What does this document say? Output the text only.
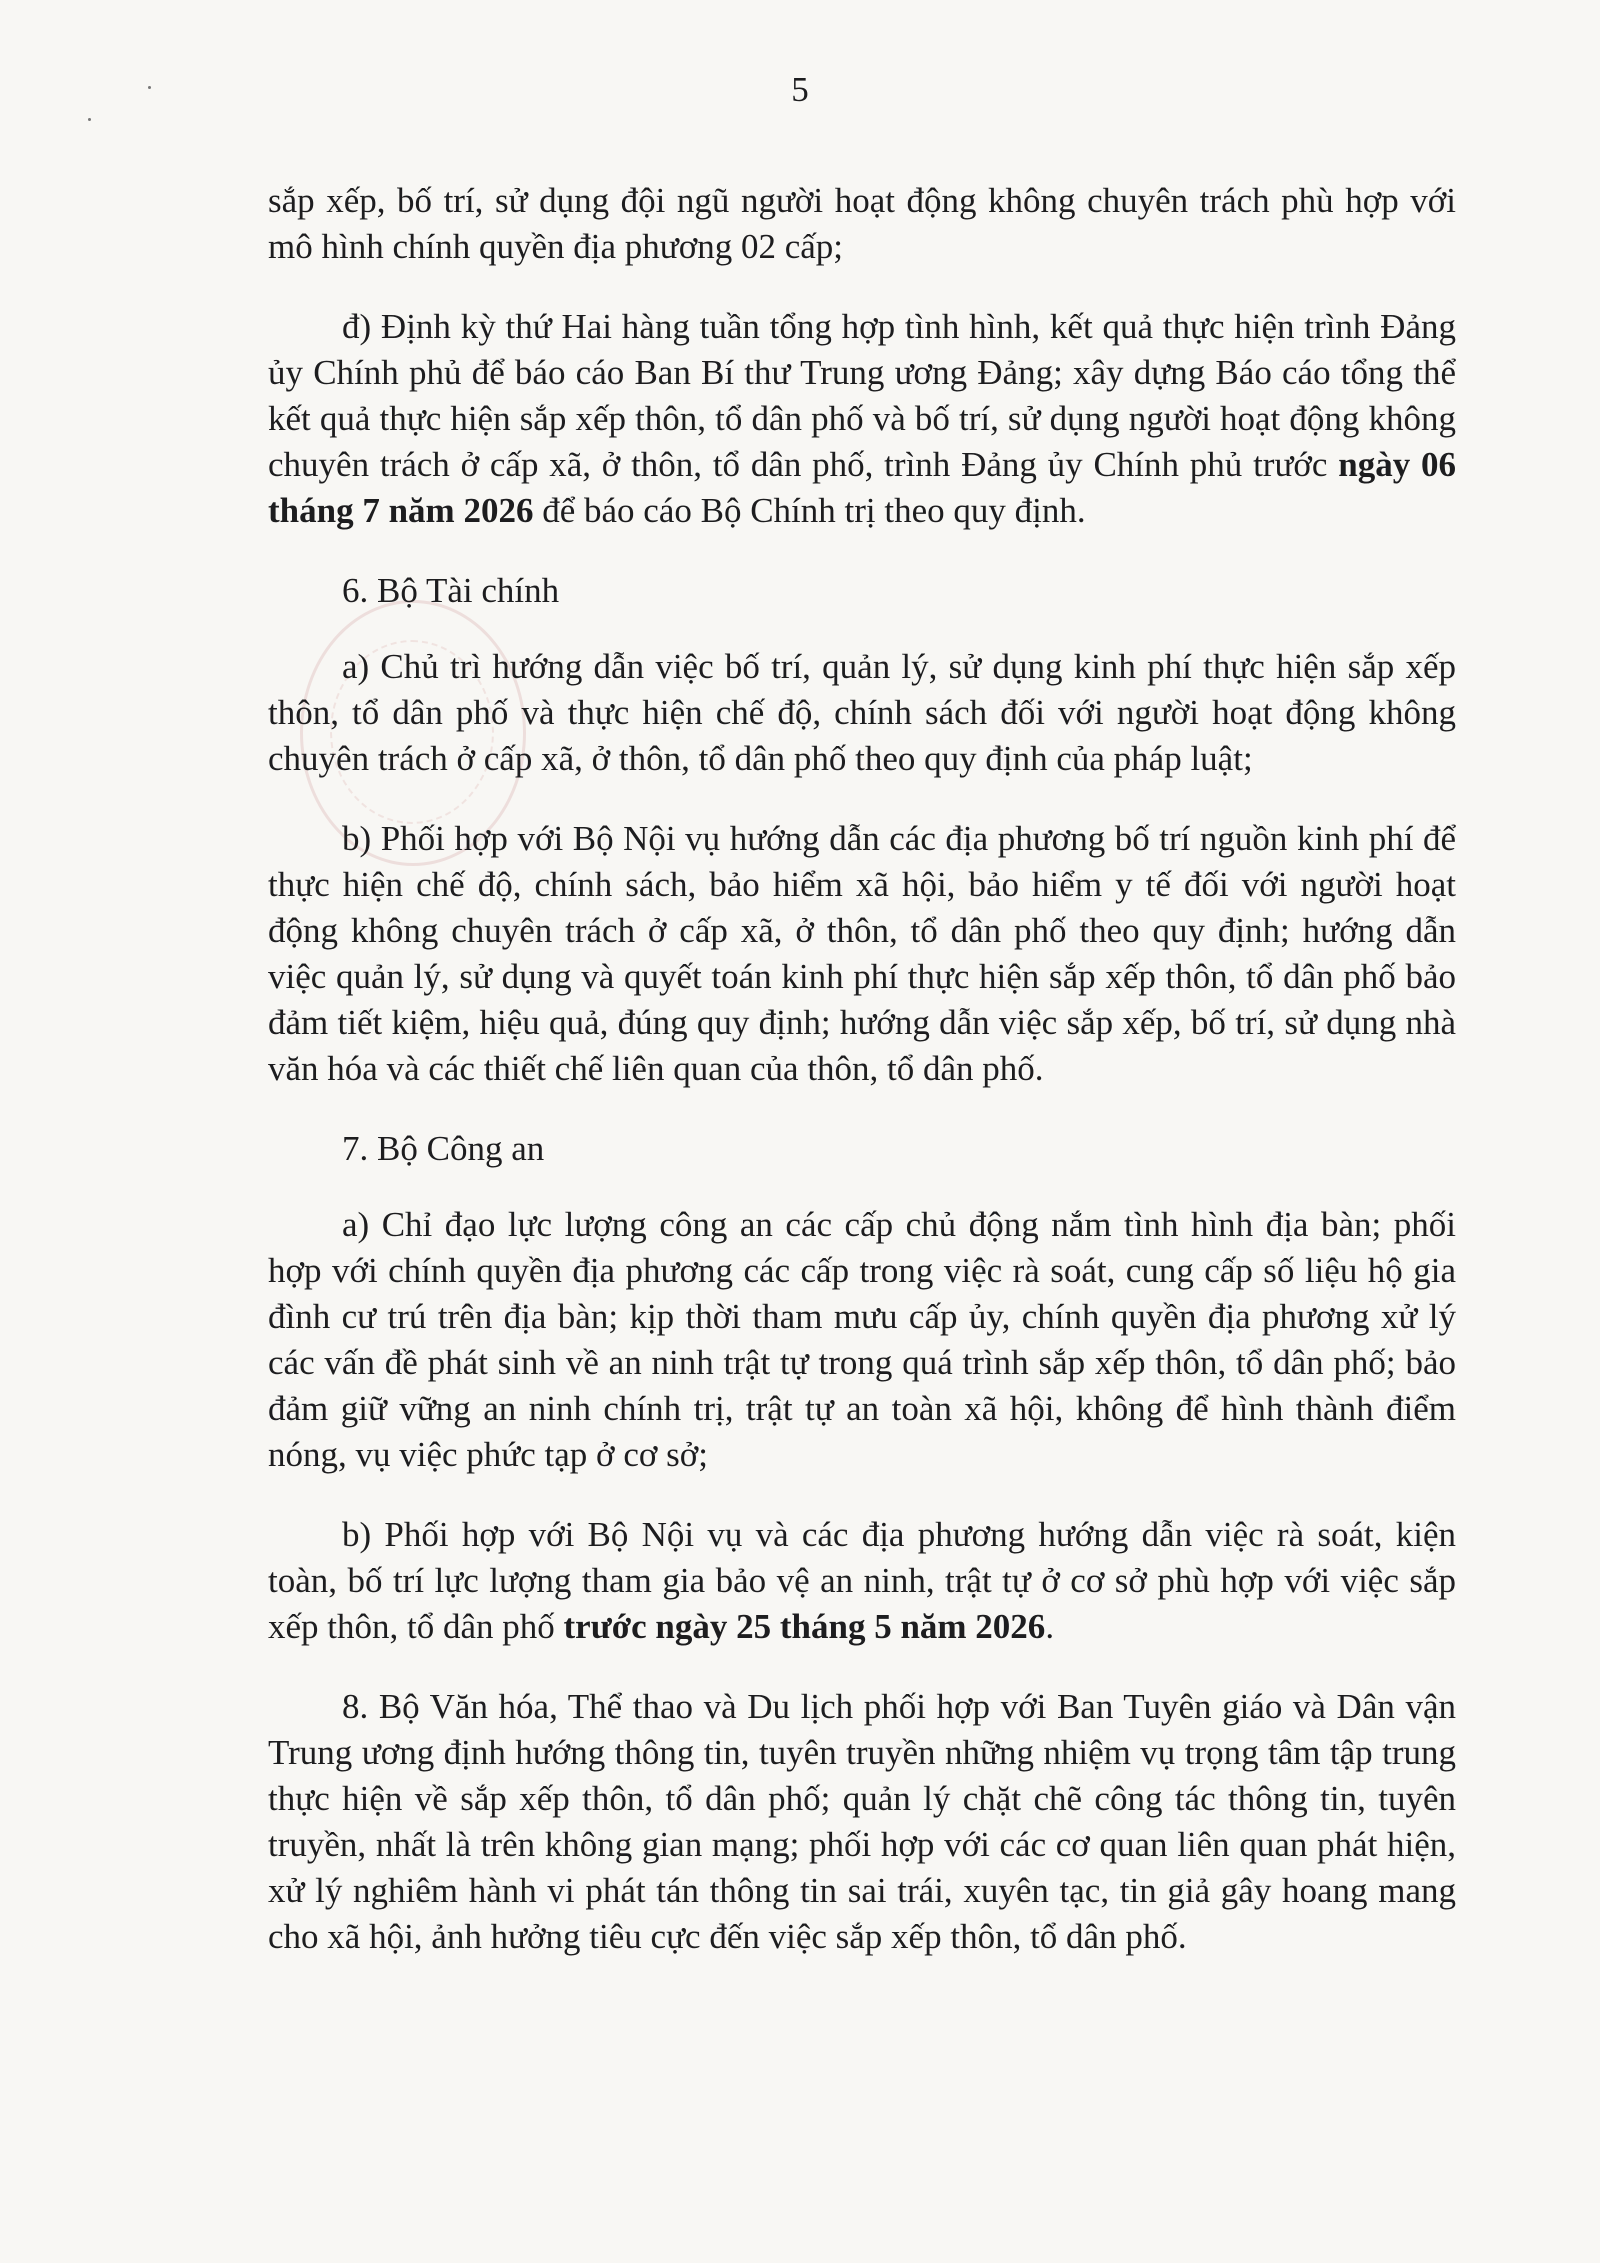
5

sắp xếp, bố trí, sử dụng đội ngũ người hoạt động không chuyên trách phù hợp với mô hình chính quyền địa phương 02 cấp;

đ) Định kỳ thứ Hai hàng tuần tổng hợp tình hình, kết quả thực hiện trình Đảng ủy Chính phủ để báo cáo Ban Bí thư Trung ương Đảng; xây dựng Báo cáo tổng thể kết quả thực hiện sắp xếp thôn, tổ dân phố và bố trí, sử dụng người hoạt động không chuyên trách ở cấp xã, ở thôn, tổ dân phố, trình Đảng ủy Chính phủ trước ngày 06 tháng 7 năm 2026 để báo cáo Bộ Chính trị theo quy định.

6. Bộ Tài chính

a) Chủ trì hướng dẫn việc bố trí, quản lý, sử dụng kinh phí thực hiện sắp xếp thôn, tổ dân phố và thực hiện chế độ, chính sách đối với người hoạt động không chuyên trách ở cấp xã, ở thôn, tổ dân phố theo quy định của pháp luật;

b) Phối hợp với Bộ Nội vụ hướng dẫn các địa phương bố trí nguồn kinh phí để thực hiện chế độ, chính sách, bảo hiểm xã hội, bảo hiểm y tế đối với người hoạt động không chuyên trách ở cấp xã, ở thôn, tổ dân phố theo quy định; hướng dẫn việc quản lý, sử dụng và quyết toán kinh phí thực hiện sắp xếp thôn, tổ dân phố bảo đảm tiết kiệm, hiệu quả, đúng quy định; hướng dẫn việc sắp xếp, bố trí, sử dụng nhà văn hóa và các thiết chế liên quan của thôn, tổ dân phố.

7. Bộ Công an

a) Chỉ đạo lực lượng công an các cấp chủ động nắm tình hình địa bàn; phối hợp với chính quyền địa phương các cấp trong việc rà soát, cung cấp số liệu hộ gia đình cư trú trên địa bàn; kịp thời tham mưu cấp ủy, chính quyền địa phương xử lý các vấn đề phát sinh về an ninh trật tự trong quá trình sắp xếp thôn, tổ dân phố; bảo đảm giữ vững an ninh chính trị, trật tự an toàn xã hội, không để hình thành điểm nóng, vụ việc phức tạp ở cơ sở;

b) Phối hợp với Bộ Nội vụ và các địa phương hướng dẫn việc rà soát, kiện toàn, bố trí lực lượng tham gia bảo vệ an ninh, trật tự ở cơ sở phù hợp với việc sắp xếp thôn, tổ dân phố trước ngày 25 tháng 5 năm 2026.

8. Bộ Văn hóa, Thể thao và Du lịch phối hợp với Ban Tuyên giáo và Dân vận Trung ương định hướng thông tin, tuyên truyền những nhiệm vụ trọng tâm tập trung thực hiện về sắp xếp thôn, tổ dân phố; quản lý chặt chẽ công tác thông tin, tuyên truyền, nhất là trên không gian mạng; phối hợp với các cơ quan liên quan phát hiện, xử lý nghiêm hành vi phát tán thông tin sai trái, xuyên tạc, tin giả gây hoang mang cho xã hội, ảnh hưởng tiêu cực đến việc sắp xếp thôn, tổ dân phố.
